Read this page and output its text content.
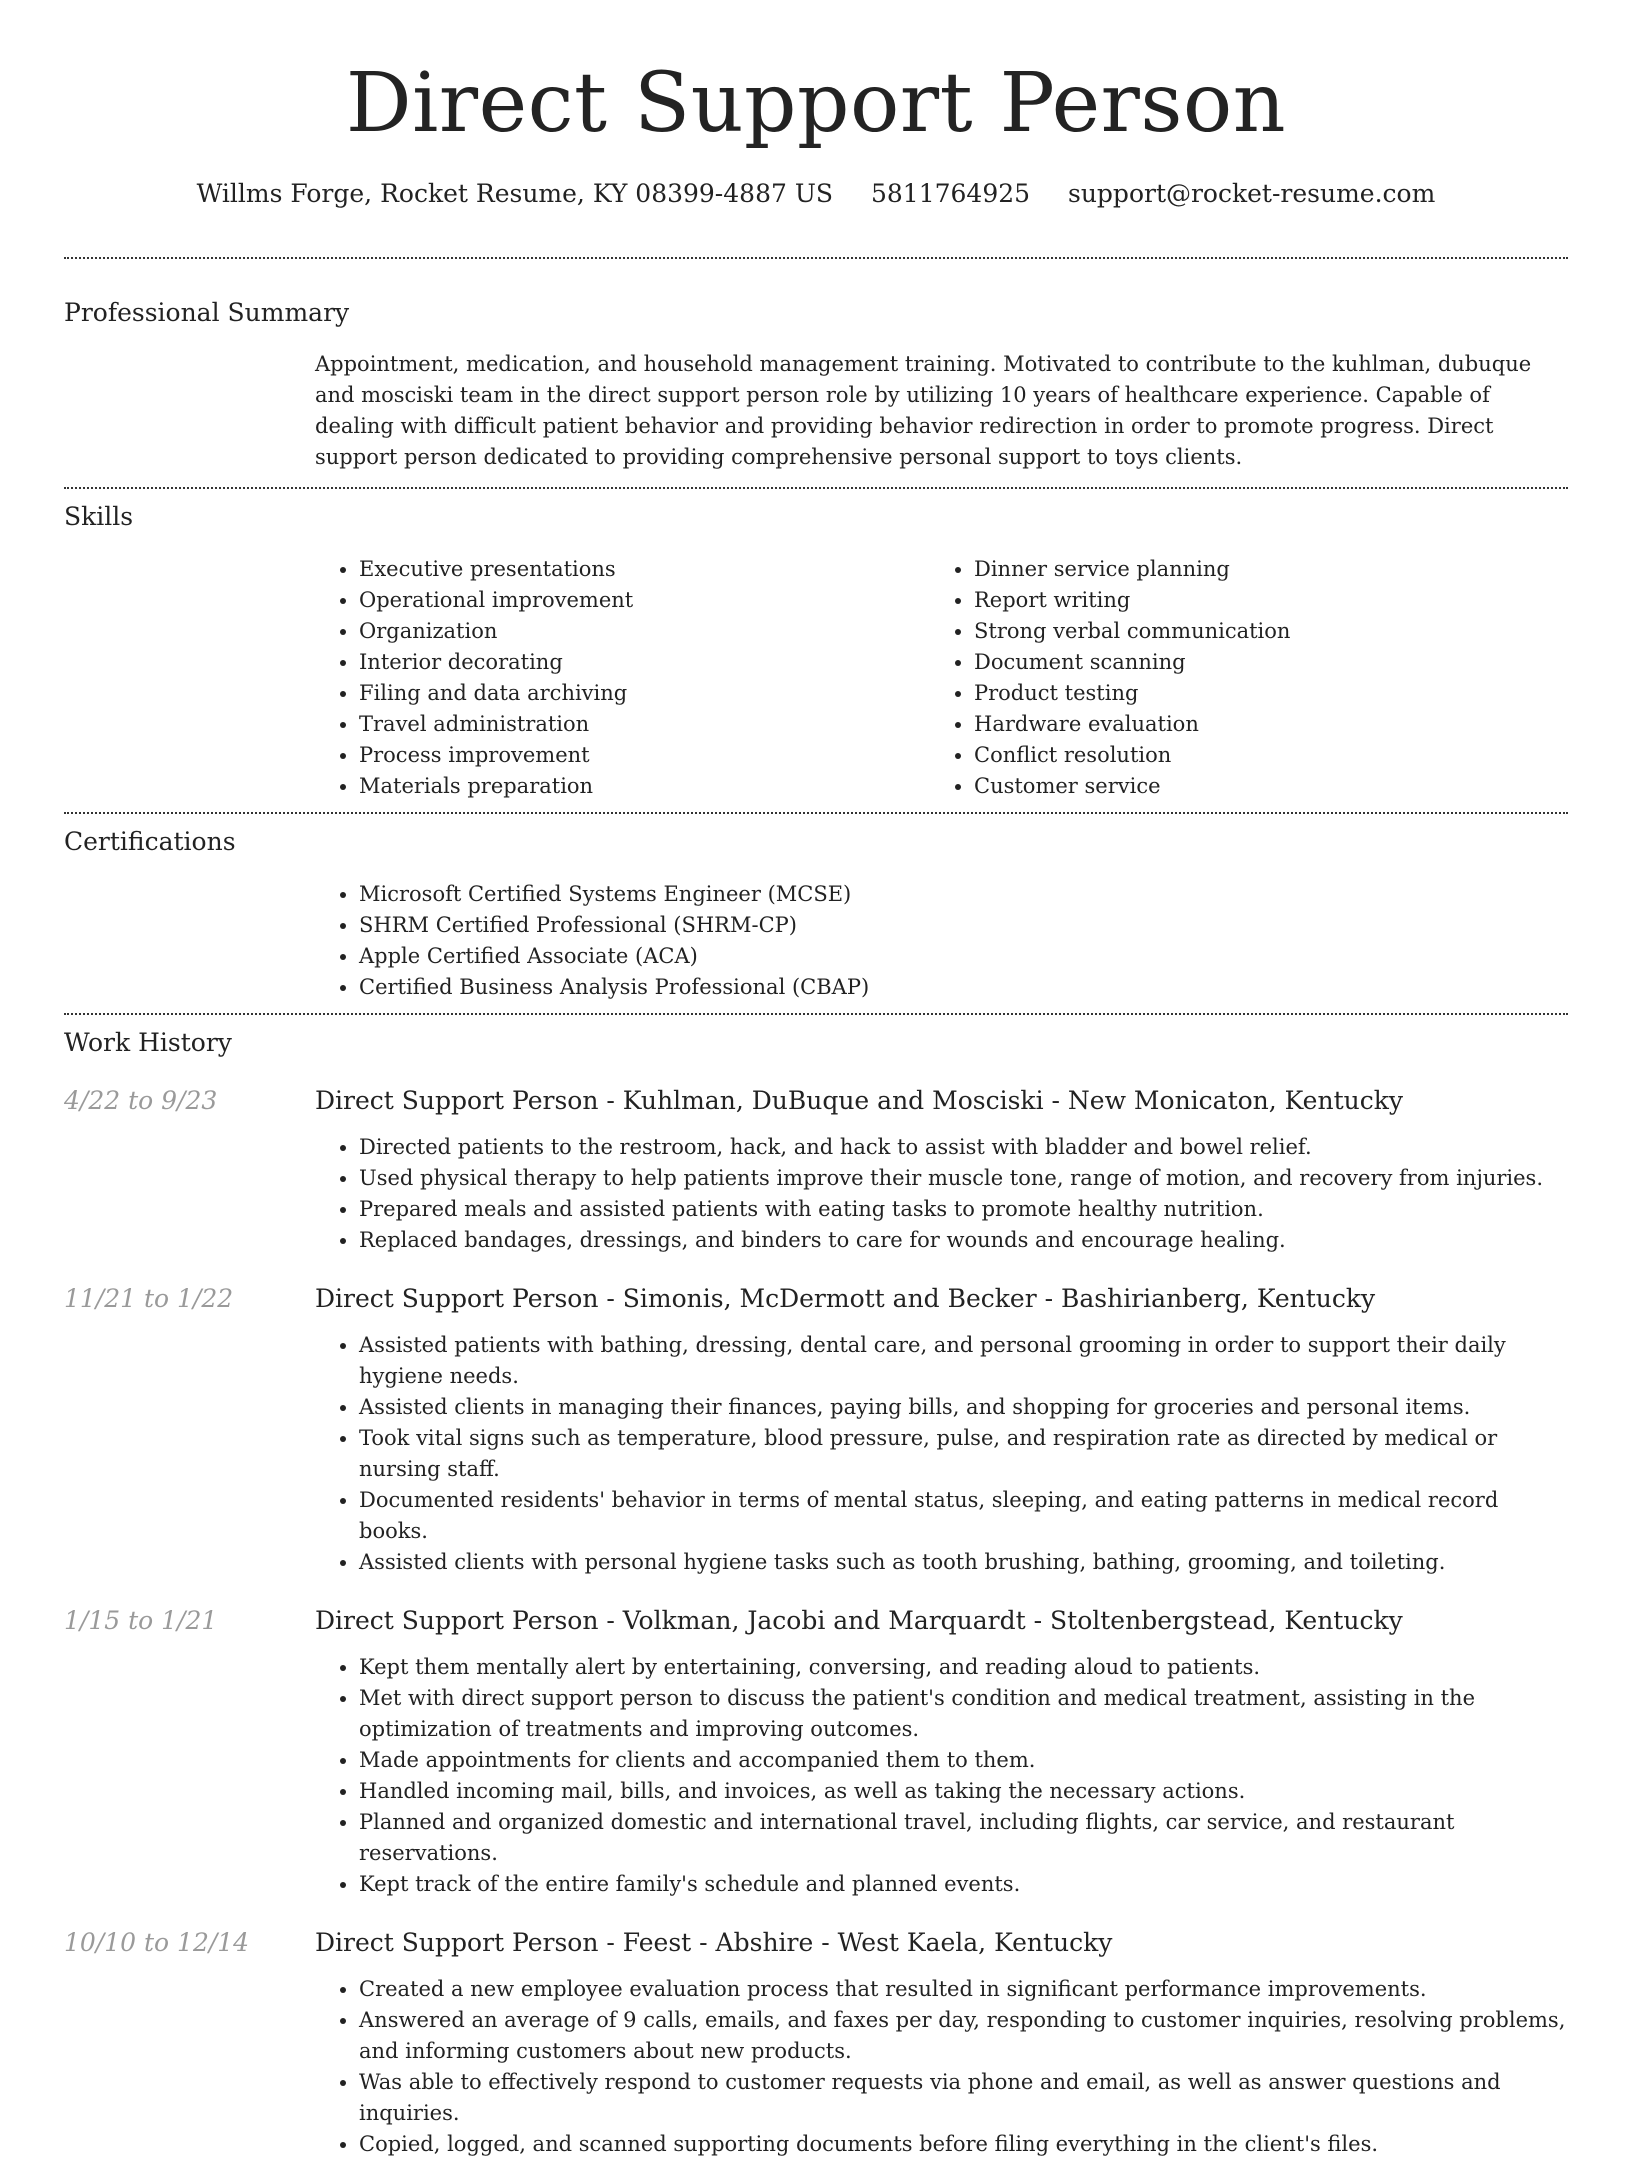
Direct Support Person
Willms Forge, Rocket Resume, KY 08399-4887 US 5811764925 support@rocket-resume.com
Professional Summary

Appointment, medication, and household management training. Motivated to contribute to the kuhlman, dubuque and mosciski team in the direct support person role by utilizing 10 years of healthcare experience. Capable of dealing with difficult patient behavior and providing behavior redirection in order to promote progress. Direct support person dedicated to providing comprehensive personal support to toys clients.

Skills
• Executive presentations
• Operational improvement
• Organization
• Interior decorating
• Filing and data archiving
• Travel administration
• Process improvement
• Materials preparation
• Dinner service planning
• Report writing
• Strong verbal communication
• Document scanning
• Product testing
• Hardware evaluation
• Conflict resolution
• Customer service
Certifications
• Microsoft Certified Systems Engineer (MCSE)
• SHRM Certified Professional (SHRM-CP)
• Apple Certified Associate (ACA)
• Certified Business Analysis Professional (CBAP)
Work History
4/22 to 9/23	Direct Support Person - Kuhlman, DuBuque and Mosciski - New Monicaton, Kentucky
• Directed patients to the restroom, hack, and hack to assist with bladder and bowel relief.
• Used physical therapy to help patients improve their muscle tone, range of motion, and recovery from injuries.
• Prepared meals and assisted patients with eating tasks to promote healthy nutrition.
• Replaced bandages, dressings, and binders to care for wounds and encourage healing.
11/21 to 1/22	Direct Support Person - Simonis, McDermott and Becker - Bashirianberg, Kentucky
• Assisted patients with bathing, dressing, dental care, and personal grooming in order to support their daily hygiene needs.
• Assisted clients in managing their finances, paying bills, and shopping for groceries and personal items.
• Took vital signs such as temperature, blood pressure, pulse, and respiration rate as directed by medical or nursing staff.
• Documented residents' behavior in terms of mental status, sleeping, and eating patterns in medical record books.
• Assisted clients with personal hygiene tasks such as tooth brushing, bathing, grooming, and toileting.
1/15 to 1/21	Direct Support Person - Volkman, Jacobi and Marquardt - Stoltenbergstead, Kentucky
• Kept them mentally alert by entertaining, conversing, and reading aloud to patients.
• Met with direct support person to discuss the patient's condition and medical treatment, assisting in the optimization of treatments and improving outcomes.
• Made appointments for clients and accompanied them to them.
• Handled incoming mail, bills, and invoices, as well as taking the necessary actions.
• Planned and organized domestic and international travel, including flights, car service, and restaurant reservations.
• Kept track of the entire family's schedule and planned events.
10/10 to 12/14	Direct Support Person - Feest - Abshire - West Kaela, Kentucky
• Created a new employee evaluation process that resulted in significant performance improvements.
• Answered an average of 9 calls, emails, and faxes per day, responding to customer inquiries, resolving problems, and informing customers about new products.
• Was able to effectively respond to customer requests via phone and email, as well as answer questions and inquiries.
• Copied, logged, and scanned supporting documents before filing everything in the client's files.
